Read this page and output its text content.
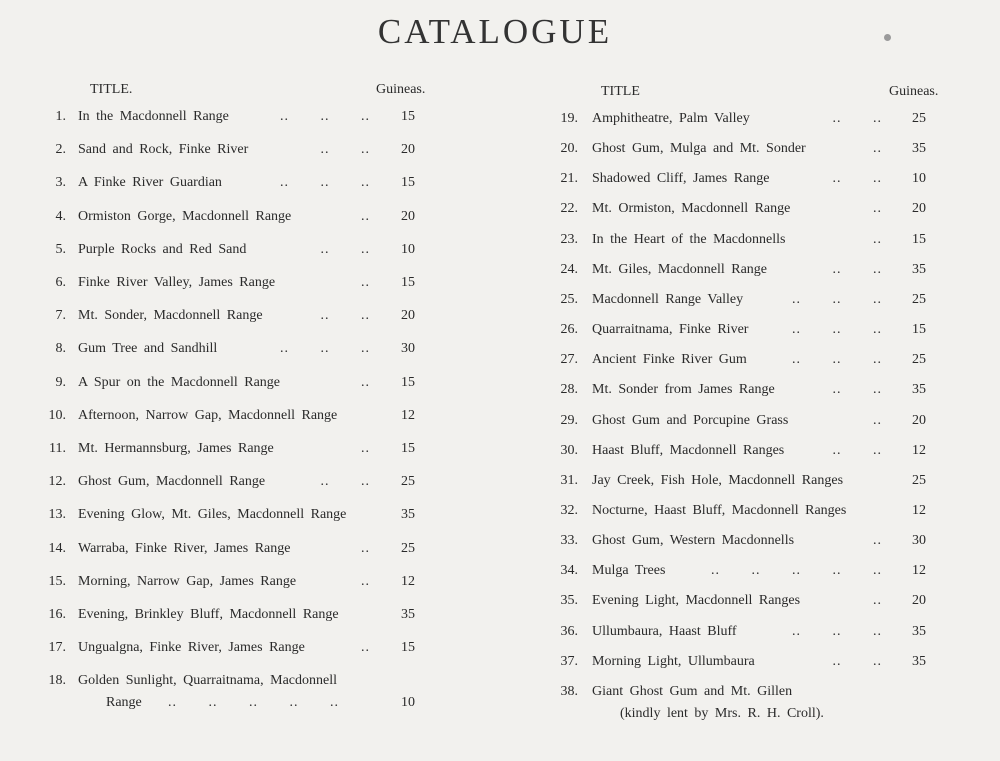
CATALOGUE
TITLE.	Guineas.
1. In the Macdonnell Range	..       ..       ..	15
2. Sand and Rock, Finke River	..       ..	20
3. A Finke River Guardian	..       ..       ..	15
4. Ormiston Gorge, Macdonnell Range	..	20
5. Purple Rocks and Red Sand	..       ..	10
6. Finke River Valley, James Range	..	15
7. Mt. Sonder, Macdonnell Range	..       ..	20
8. Gum Tree and Sandhill	..       ..       ..	30
9. A Spur on the Macdonnell Range	..	15
10. Afternoon, Narrow Gap, Macdonnell Range	12
11. Mt. Hermannsburg, James Range	..	15
12. Ghost Gum, Macdonnell Range	..       ..	25
13. Evening Glow, Mt. Giles, Macdonnell Range	35
14. Warraba, Finke River, James Range	..	25
15. Morning, Narrow Gap, James Range	..	12
16. Evening, Brinkley Bluff, Macdonnell Range	35
17. Ungualgna, Finke River, James Range	..	15
18. Golden Sunlight, Quarraitnama, Macdonnell
Range ..       ..       ..       ..       ..	10
TITLE	Guineas.
19. Amphitheatre, Palm Valley	..       ..	25
20. Ghost Gum, Mulga and Mt. Sonder	..	35
21. Shadowed Cliff, James Range	..       ..	10
22. Mt. Ormiston, Macdonnell Range	..	20
23. In the Heart of the Macdonnells	..	15
24. Mt. Giles, Macdonnell Range	..       ..	35
25. Macdonnell Range Valley	..       ..       ..	25
26. Quarraitnama, Finke River	..       ..       ..	15
27. Ancient Finke River Gum	..       ..       ..	25
28. Mt. Sonder from James Range	..       ..	35
29. Ghost Gum and Porcupine Grass	..	20
30. Haast Bluff, Macdonnell Ranges	..       ..	12
31. Jay Creek, Fish Hole, Macdonnell Ranges	25
32. Nocturne, Haast Bluff, Macdonnell Ranges	12
33. Ghost Gum, Western Macdonnells	..	30
34. Mulga Trees	..       ..       ..       ..       ..	12
35. Evening Light, Macdonnell Ranges	..	20
36. Ullumbaura, Haast Bluff	..       ..       ..	35
37. Morning Light, Ullumbaura	..       ..	35
38. Giant Ghost Gum and Mt. Gillen
(kindly lent by Mrs. R. H. Croll).
